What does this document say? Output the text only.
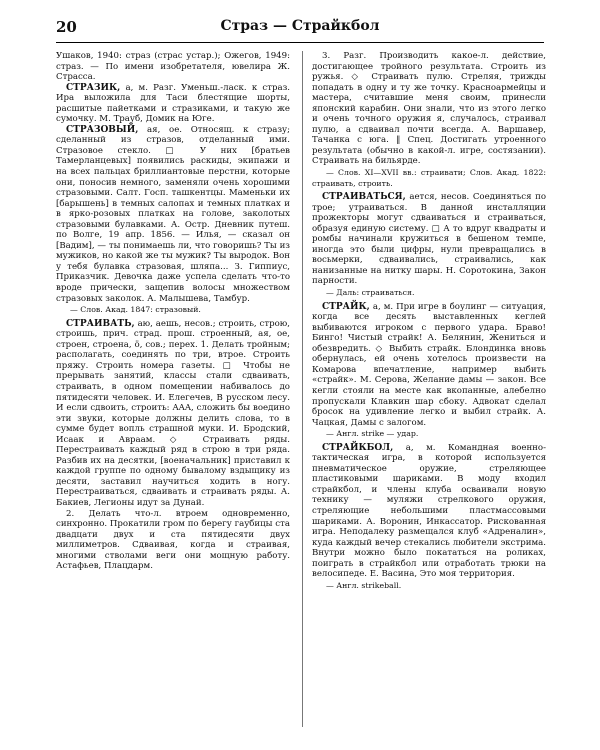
20	Страз — Страйкбол

Ушаков, 1940: страз (страс устар.); Ожегов, 1949: страз. — По имени изобретателя, ювелира Ж. Страсса.

СТРАЗИК, а, м. Разг. Уменьш.-ласк. к страз. Ира выложила для Таси блестящие шорты, расшитые пайетками и стразиками, и такую же сумочку. М. Трауб, Домик на Юге.

СТРАЗОВЫЙ, ая, ое. Относящ. к стразу; сделанный из стразов, отделанный ими. Стразовое стекло. □ У них [братьев Тамерланцевых] появились раскиды, экипажи и на всех пальцах бриллиантовые перстни, которые они, поносив немного, заменяли очень хорошими стразовыми. Салт. Госп. ташкентцы. Маменьки их [барышень] в темных салопах и темных платках и в ярко-розовых платках на голове, заколотых стразовыми булавками. А. Остр. Дневник путеш. по Волге, 19 апр. 1856. — Илья, — сказал он [Вадим], — ты понимаешь ли, что говоришь? Ты из мужиков, но какой же ты мужик? Ты выродок. Вон у тебя булавка стразовая, шляпа... З. Гиппиус, Приказчик. Девочка даже успела сделать что-то вроде прически, защепив волосы множеством стразовых заколок. А. Малышева, Тамбур.

— Слов. Акад. 1847: стразовый.

СТРАИВАТЬ, аю, аешь, несов.; строить, строю, строишь, прич. страд. прош. строенный, ая, ое, строен, строена, ö, сов.; перех. 1. Делать тройным; располагать, соединять по три, втрое. Строить пряжу. Строить номера газеты. □ Чтобы не прерывать занятий, классы стали сдваивать, страивать, в одном помещении набивалось до пятидесяти человек. И. Елегечев, В русском лесу. И если сдвоить, строить: AAA, сложить бы воедино эти звуки, которые должны делить слова, то в сумме будет вопль страшной муки. И. Бродский, Исаак и Авраам. ◇ Страивать ряды. Перестраивать каждый ряд в строю в три ряда. Разбив их на десятки, [военачальник] приставил к каждой группе по одному бывалому вздыщику из десяти, заставил научиться ходить в ногу. Перестраиваться, сдваивать и страивать ряды. А. Бакиев, Легионы идут за Дунай.

2. Делать что-л. втроем одновременно, синхронно. Прокатили гром по берегу гаубицы ста двадцати двух и ста пятидесяти двух миллиметров. Сдваивая, когда и страивая, многими стволами веги они мощную работу. Астафьев, Плацдарм.

3. Разг. Производить какое-л. действие, достигающее тройного результата. Строить из ружья. ◇ Страивать пулю. Стреляя, трижды попадать в одну и ту же точку. Красноармейцы и мастера, считавшие меня своим, принесли японский карабин. Они знали, что из этого легко и очень точного оружия я, случалось, страивал пулю, а сдваивал почти всегда. А. Варшавер, Тачанка с юга. ‖ Спец. Достигать утроенного результата (обычно в какой-л. игре, состязании). Страивать на бильярде.

— Слов. XI—XVII вв.: страивати; Слов. Акад. 1822: страивать, строить.

СТРАИВАТЬСЯ, ается, несов. Соединяться по трое; утраиваться. В данной инсталляции прожекторы могут сдваиваться и страиваться, образуя единую систему. □ А то вдруг квадраты и ромбы начинали кружиться в бешеном темпе, иногда это были цифры, нули превращались в восьмерки, сдваивались, страивались, как нанизанные на нитку шары. Н. Соротокина, Закон парности.

— Даль: страиваться.

СТРАЙК, а, м. При игре в боулинг — ситуация, когда все десять выставленных кеглей выбиваются игроком с первого удара. Браво! Бинго! Чистый страйк! А. Белянин, Жениться и обезвредить. ◇ Выбить страйк. Блондинка вновь обернулась, ей очень хотелось произвести на Комарова впечатление, например выбить «страйк». М. Серова, Желание дамы — закон. Все кегли стояли на месте как вкопанные, алебелно пропускали Клавкин шар сбоку. Адвокат сделал бросок на удивление легко и выбил страйк. А. Чацкая, Дамы с залогом.

— Англ. strike — удар.

СТРАЙКБОЛ, а, м. Командная военно-тактическая игра, в которой используется пневматическое оружие, стреляющее пластиковыми шариками. В моду входил страйкбол, и члены клуба осваивали новую технику — муляжи стрелкового оружия, стреляющие небольшими пластмассовыми шариками. А. Воронин, Инкассатор. Рискованная игра. Неподалеку размещался клуб «Адреналин», куда каждый вечер стекались любители экстрима. Внутри можно было покататься на роликах, поиграть в страйкбол или отработать трюки на велосипеде. Е. Васина, Это моя территория.

— Англ. strikeball.
